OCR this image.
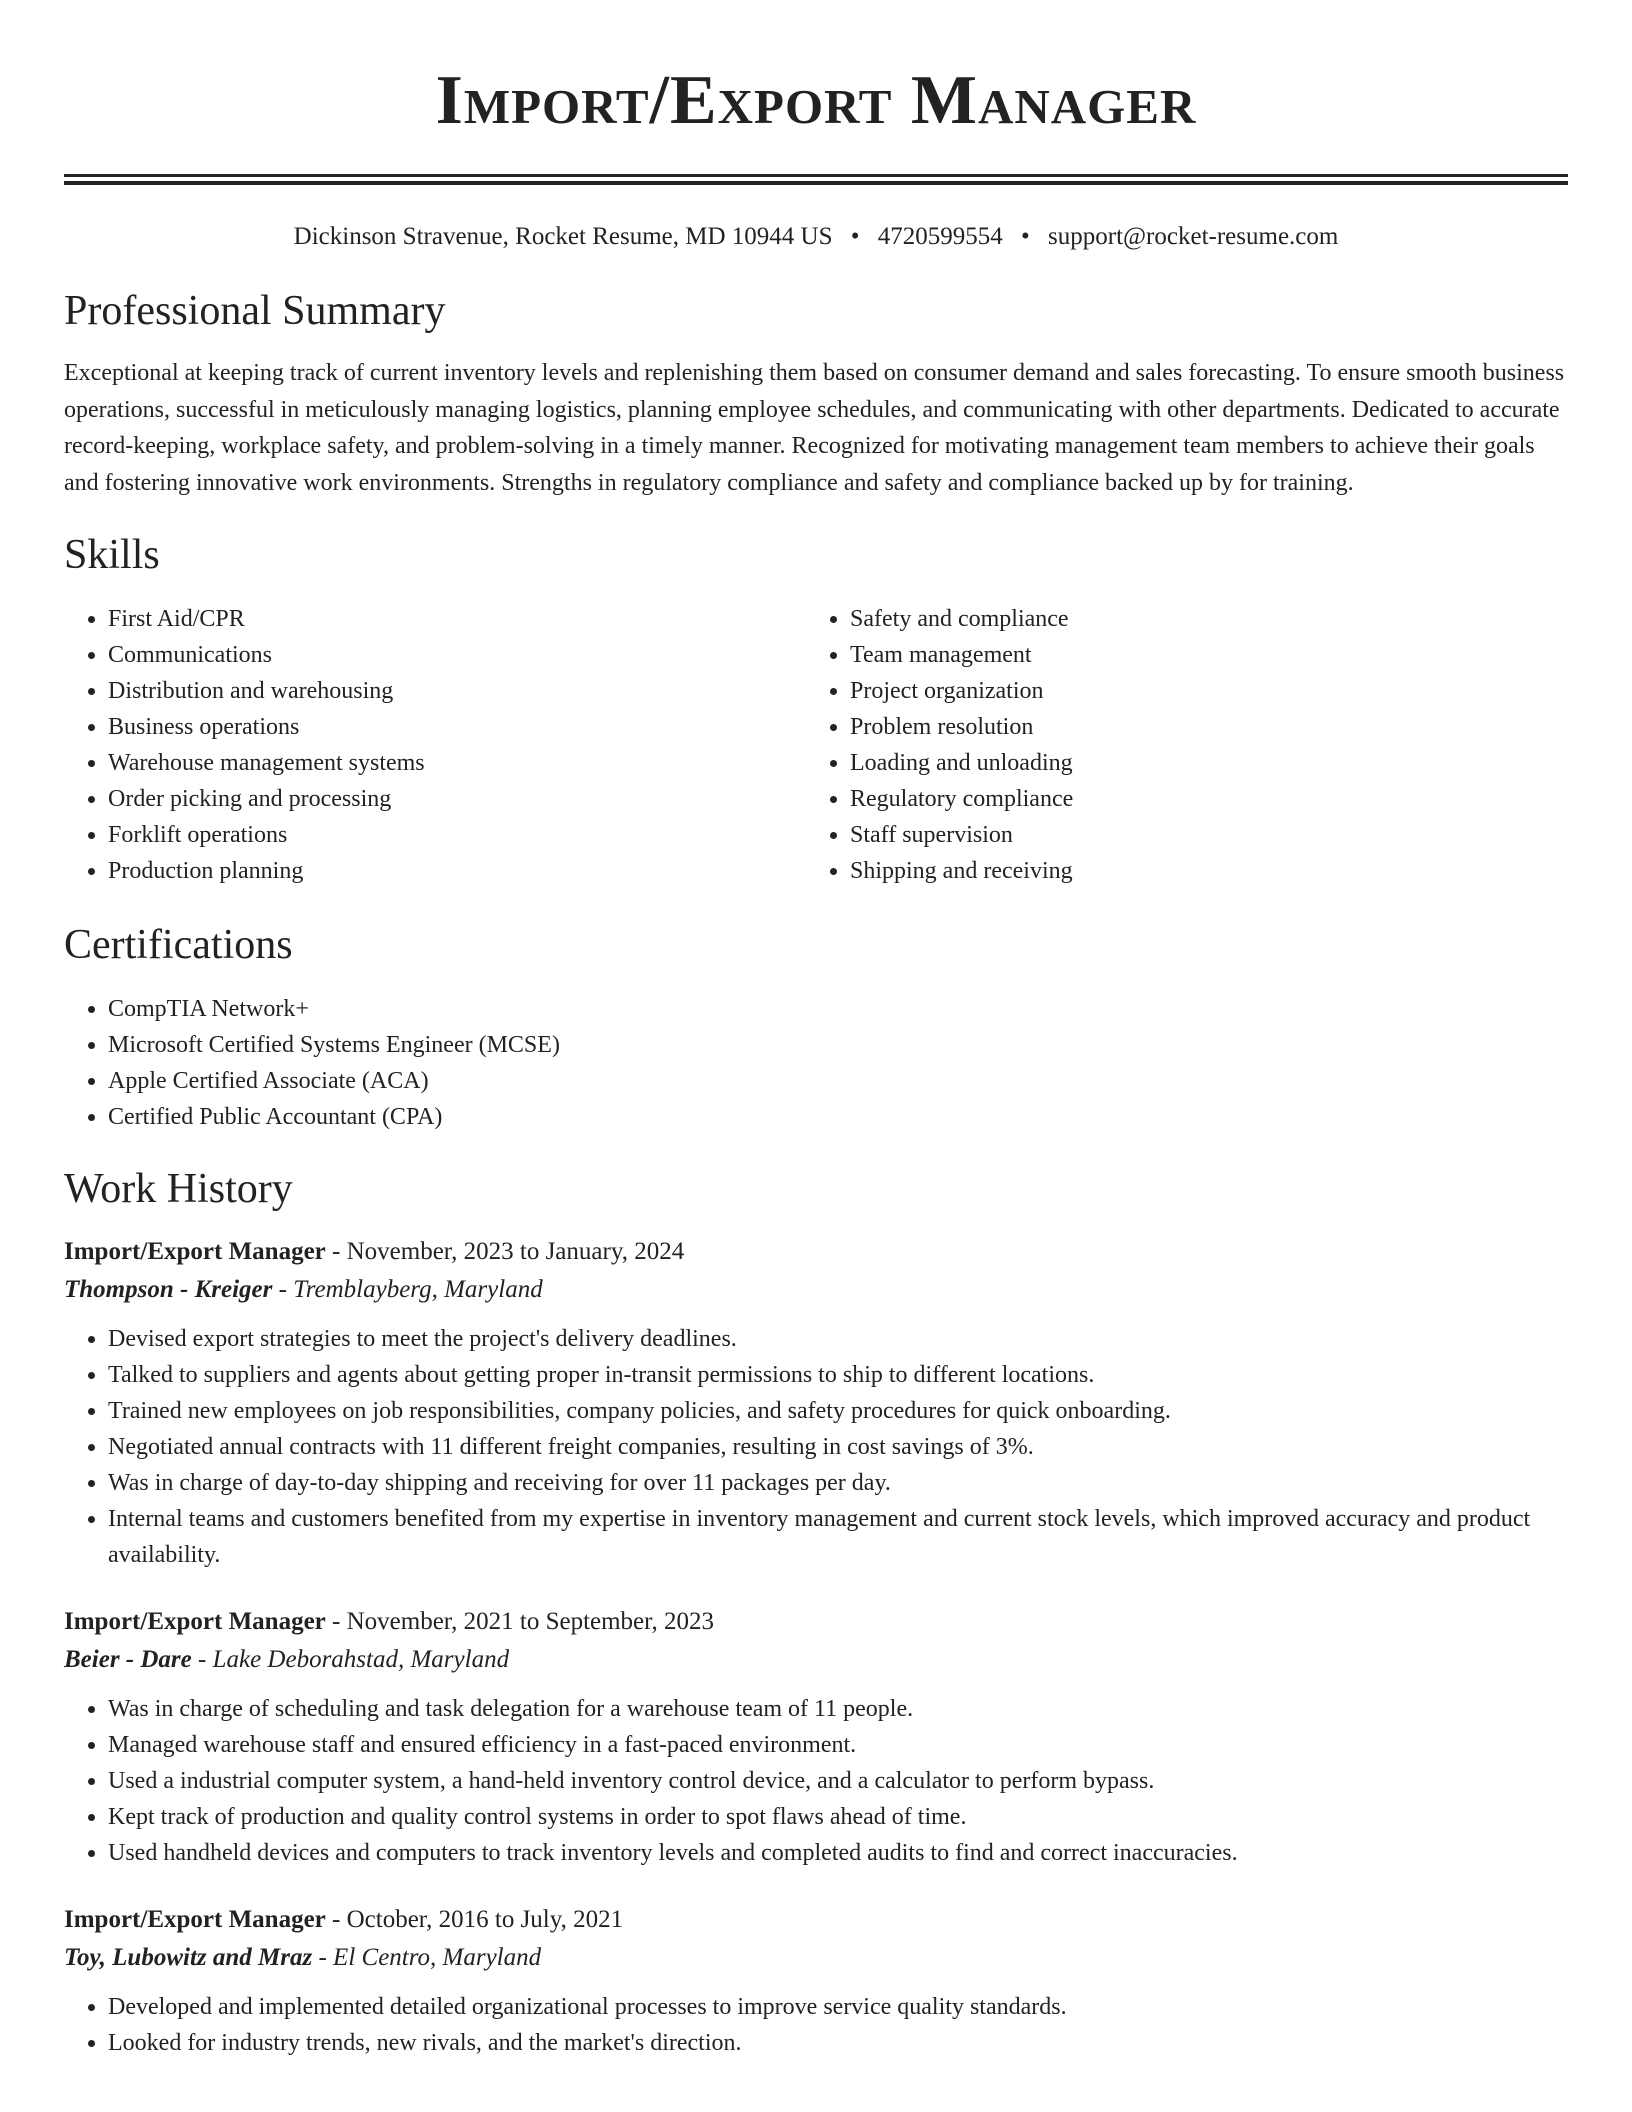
Import/Export Manager
Dickinson Stravenue, Rocket Resume, MD 10944 US • 4720599554 • support@rocket-resume.com
Professional Summary

Exceptional at keeping track of current inventory levels and replenishing them based on consumer demand and sales forecasting. To ensure smooth business operations, successful in meticulously managing logistics, planning employee schedules, and communicating with other departments. Dedicated to accurate record-keeping, workplace safety, and problem-solving in a timely manner. Recognized for motivating management team members to achieve their goals and fostering innovative work environments. Strengths in regulatory compliance and safety and compliance backed up by for training.

Skills
• First Aid/CPR
• Communications
• Distribution and warehousing
• Business operations
• Warehouse management systems
• Order picking and processing
• Forklift operations
• Production planning
• Safety and compliance
• Team management
• Project organization
• Problem resolution
• Loading and unloading
• Regulatory compliance
• Staff supervision
• Shipping and receiving
Certifications
• CompTIA Network+
• Microsoft Certified Systems Engineer (MCSE)
• Apple Certified Associate (ACA)
• Certified Public Accountant (CPA)
Work History
Import/Export Manager - November, 2023 to January, 2024
Thompson - Kreiger - Tremblayberg, Maryland
• Devised export strategies to meet the project's delivery deadlines.
• Talked to suppliers and agents about getting proper in-transit permissions to ship to different locations.
• Trained new employees on job responsibilities, company policies, and safety procedures for quick onboarding.
• Negotiated annual contracts with 11 different freight companies, resulting in cost savings of 3%.
• Was in charge of day-to-day shipping and receiving for over 11 packages per day.
• Internal teams and customers benefited from my expertise in inventory management and current stock levels, which improved accuracy and product availability.
Import/Export Manager - November, 2021 to September, 2023
Beier - Dare - Lake Deborahstad, Maryland
• Was in charge of scheduling and task delegation for a warehouse team of 11 people.
• Managed warehouse staff and ensured efficiency in a fast-paced environment.
• Used a industrial computer system, a hand-held inventory control device, and a calculator to perform bypass.
• Kept track of production and quality control systems in order to spot flaws ahead of time.
• Used handheld devices and computers to track inventory levels and completed audits to find and correct inaccuracies.
Import/Export Manager - October, 2016 to July, 2021
Toy, Lubowitz and Mraz - El Centro, Maryland
• Developed and implemented detailed organizational processes to improve service quality standards.
• Looked for industry trends, new rivals, and the market's direction.
